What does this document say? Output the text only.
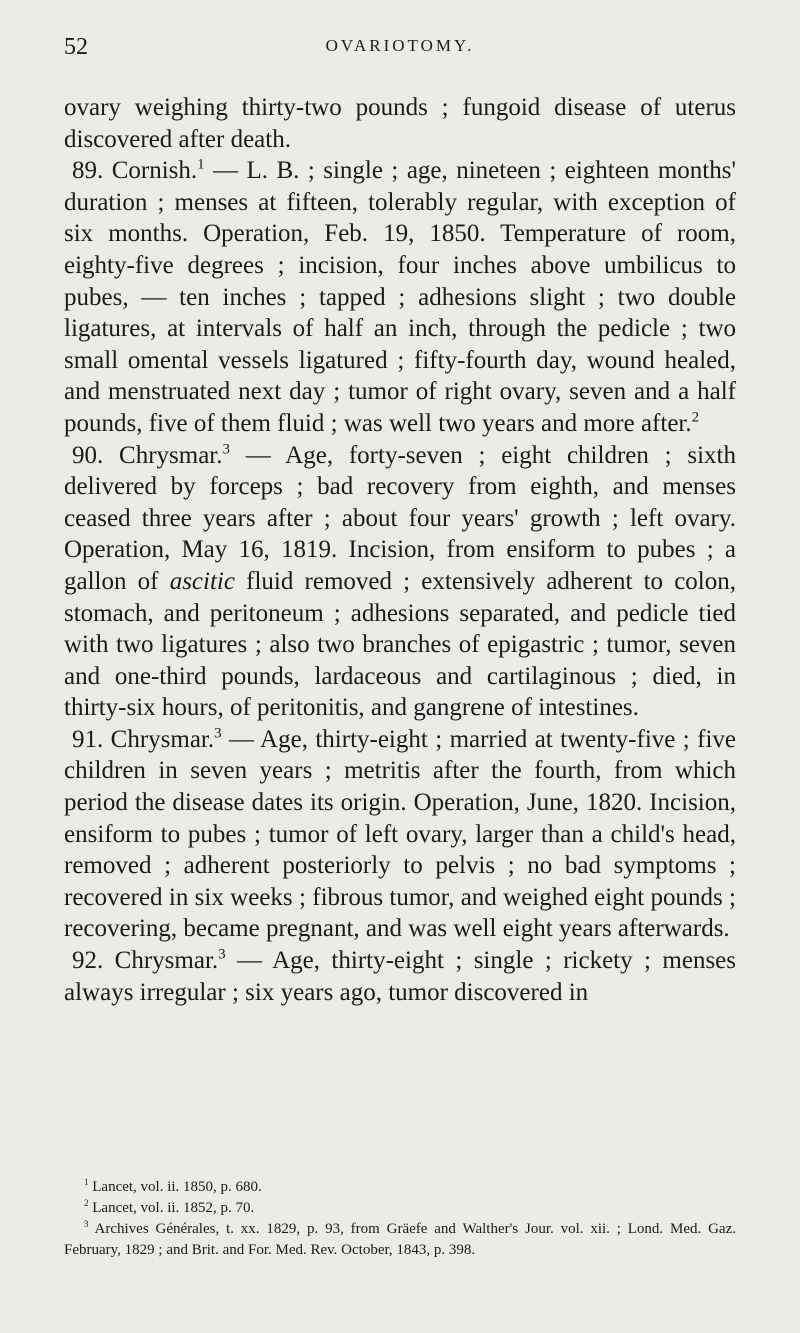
52	OVARIOTOMY.

ovary weighing thirty-two pounds ; fungoid disease of uterus discovered after death.

89. Cornish.$^1$ — L. B. ; single ; age, nineteen ; eighteen months' duration ; menses at fifteen, tolerably regular, with exception of six months. Operation, Feb. 19, 1850. Temperature of room, eighty-five degrees ; incision, four inches above umbilicus to pubes, — ten inches ; tapped ; adhesions slight ; two double ligatures, at intervals of half an inch, through the pedicle ; two small omental vessels ligatured ; fifty-fourth day, wound healed, and menstruated next day ; tumor of right ovary, seven and a half pounds, five of them fluid ; was well two years and more after.$^2$

90. Chrysmar.$^3$ — Age, forty-seven ; eight children ; sixth delivered by forceps ; bad recovery from eighth, and menses ceased three years after ; about four years' growth ; left ovary. Operation, May 16, 1819. Incision, from ensiform to pubes ; a gallon of ascitic fluid removed ; extensively adherent to colon, stomach, and peritoneum ; adhesions separated, and pedicle tied with two ligatures ; also two branches of epigastric ; tumor, seven and one-third pounds, lardaceous and cartilaginous ; died, in thirty-six hours, of peritonitis, and gangrene of intestines.

91. Chrysmar.$^3$ — Age, thirty-eight ; married at twenty-five ; five children in seven years ; metritis after the fourth, from which period the disease dates its origin. Operation, June, 1820. Incision, ensiform to pubes ; tumor of left ovary, larger than a child's head, removed ; adherent posteriorly to pelvis ; no bad symptoms ; recovered in six weeks ; fibrous tumor, and weighed eight pounds ; recovering, became pregnant, and was well eight years afterwards.

92. Chrysmar.$^3$ — Age, thirty-eight ; single ; rickety ; menses always irregular ; six years ago, tumor discovered in

$^1$ Lancet, vol. ii. 1850, p. 680.

$^2$ Lancet, vol. ii. 1852, p. 70.

$^3$ Archives Générales, t. xx. 1829, p. 93, from Gräefe and Walther's Jour. vol. xii. ; Lond. Med. Gaz. February, 1829 ; and Brit. and For. Med. Rev. October, 1843, p. 398.
